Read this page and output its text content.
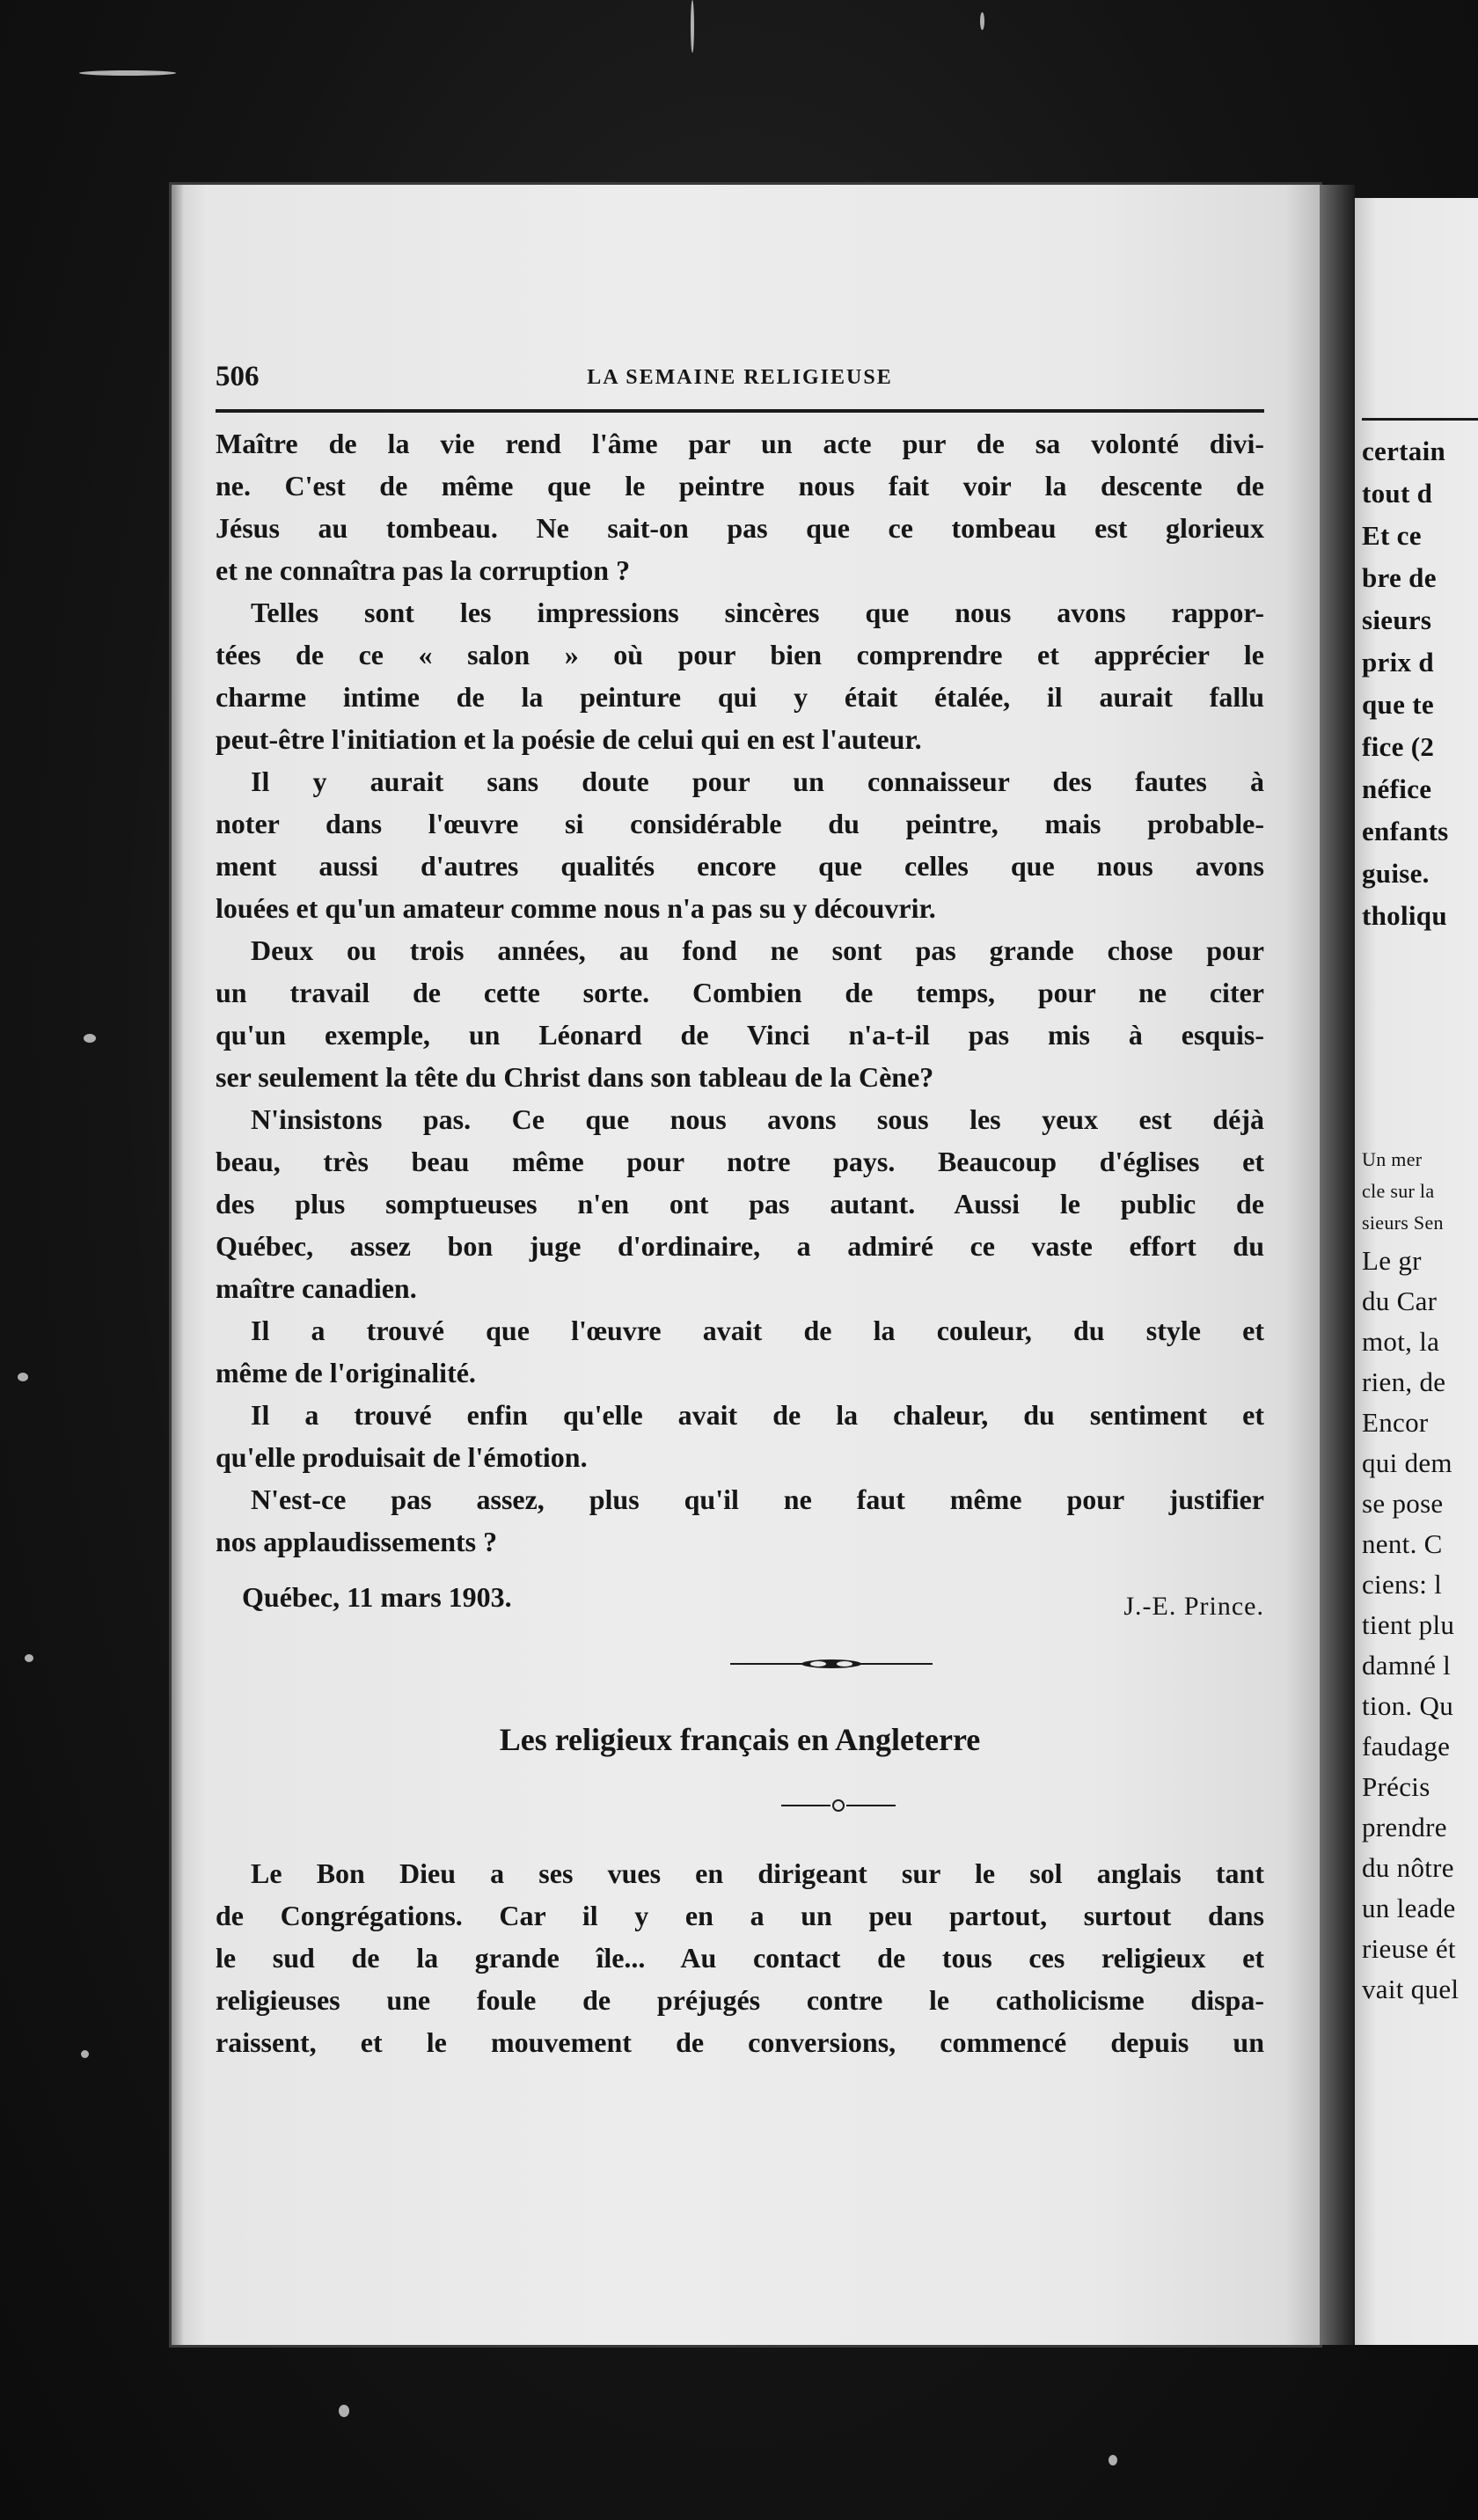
certain
tout d
Et ce
bre de
sieurs
prix d
que te
fice (2
néfice
enfants
guise.
tholiqu
Un mer
cle sur la
sieurs Sen
Le gr
du Car
mot, la
rien, de
Encor
qui dem
se pose
nent. C
ciens: l
tient plu
damné l
tion. Qu
faudage
Précis
prendre
du nôtre
un leade
rieuse ét
vait quel
506	LA SEMAINE RELIGIEUSE
Maître de la vie rend l'âme par un acte pur de sa volonté divi-
ne. C'est de même que le peintre nous fait voir la descente de
Jésus au tombeau. Ne sait-on pas que ce tombeau est glorieux
et ne connaîtra pas la corruption ?
Telles sont les impressions sincères que nous avons rappor-
tées de ce « salon » où pour bien comprendre et apprécier le
charme intime de la peinture qui y était étalée, il aurait fallu
peut-être l'initiation et la poésie de celui qui en est l'auteur.
Il y aurait sans doute pour un connaisseur des fautes à
noter dans l'œuvre si considérable du peintre, mais probable-
ment aussi d'autres qualités encore que celles que nous avons
louées et qu'un amateur comme nous n'a pas su y découvrir.
Deux ou trois années, au fond ne sont pas grande chose pour
un travail de cette sorte. Combien de temps, pour ne citer
qu'un exemple, un Léonard de Vinci n'a-t-il pas mis à esquis-
ser seulement la tête du Christ dans son tableau de la Cène?
N'insistons pas. Ce que nous avons sous les yeux est déjà
beau, très beau même pour notre pays. Beaucoup d'églises et
des plus somptueuses n'en ont pas autant. Aussi le public de
Québec, assez bon juge d'ordinaire, a admiré ce vaste effort du
maître canadien.
Il a trouvé que l'œuvre avait de la couleur, du style et
même de l'originalité.
Il a trouvé enfin qu'elle avait de la chaleur, du sentiment et
qu'elle produisait de l'émotion.
N'est-ce pas assez, plus qu'il ne faut même pour justifier
nos applaudissements ?
Québec, 11 mars 1903.	J.-E. Prince.
Les religieux français en Angleterre
Le Bon Dieu a ses vues en dirigeant sur le sol anglais tant
de Congrégations. Car il y en a un peu partout, surtout dans
le sud de la grande île... Au contact de tous ces religieux et
religieuses une foule de préjugés contre le catholicisme dispa-
raissent, et le mouvement de conversions, commencé depuis un
